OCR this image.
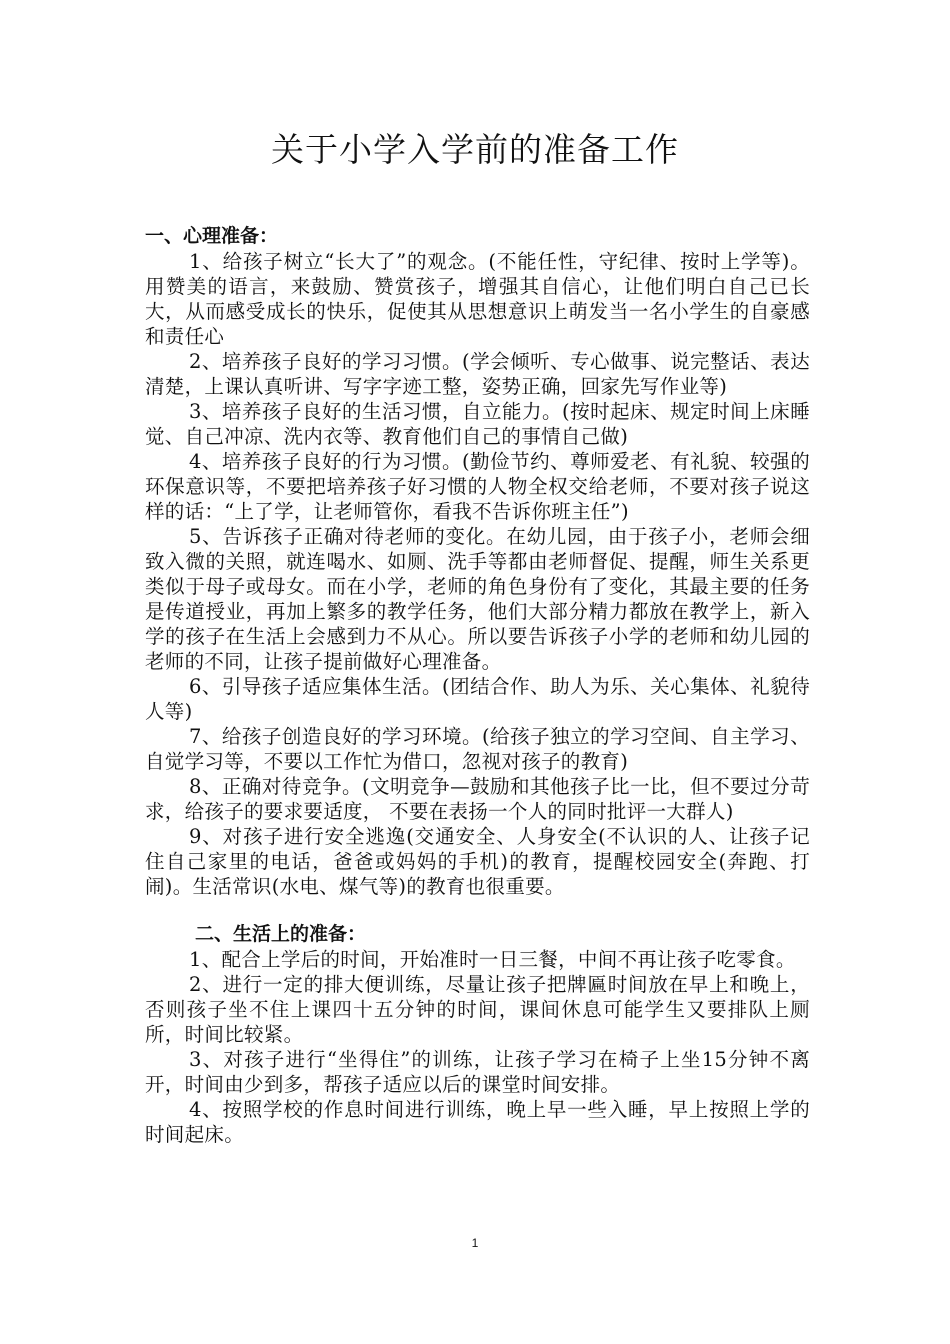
关于小学入学前的准备工作

一、心理准备：

1、给孩子树立“长大了”的观念。(不能任性，守纪律、按时上学等)。用赞美的语言，来鼓励、赞赏孩子，增强其自信心，让他们明白自己已长大，从而感受成长的快乐，促使其从思想意识上萌发当一名小学生的自豪感和责任心

2、培养孩子良好的学习习惯。(学会倾听、专心做事、说完整话、表达清楚，上课认真听讲、写字字迹工整，姿势正确，回家先写作业等)

3、培养孩子良好的生活习惯，自立能力。(按时起床、规定时间上床睡觉、自己冲凉、洗内衣等、教育他们自己的事情自己做)

4、培养孩子良好的行为习惯。(勤俭节约、尊师爱老、有礼貌、较强的环保意识等，不要把培养孩子好习惯的人物全权交给老师，不要对孩子说这样的话：“上了学，让老师管你，看我不告诉你班主任”)

5、告诉孩子正确对待老师的变化。在幼儿园，由于孩子小，老师会细致入微的关照，就连喝水、如厕、洗手等都由老师督促、提醒，师生关系更类似于母子或母女。而在小学，老师的角色身份有了变化，其最主要的任务是传道授业，再加上繁多的教学任务，他们大部分精力都放在教学上，新入学的孩子在生活上会感到力不从心。所以要告诉孩子小学的老师和幼儿园的老师的不同，让孩子提前做好心理准备。

6、引导孩子适应集体生活。(团结合作、助人为乐、关心集体、礼貌待人等)

7、给孩子创造良好的学习环境。(给孩子独立的学习空间、自主学习、自觉学习等，不要以工作忙为借口，忽视对孩子的教育)

8、正确对待竞争。(文明竞争—鼓励和其他孩子比一比，但不要过分苛求，给孩子的要求要适度， 不要在表扬一个人的同时批评一大群人)

9、对孩子进行安全逃逸(交通安全、人身安全(不认识的人、让孩子记住自己家里的电话，爸爸或妈妈的手机)的教育，提醒校园安全(奔跑、打闹)。生活常识(水电、煤气等)的教育也很重要。

二、生活上的准备：

1、配合上学后的时间，开始准时一日三餐，中间不再让孩子吃零食。

2、进行一定的排大便训练，尽量让孩子把牌匾时间放在早上和晚上，否则孩子坐不住上课四十五分钟的时间，课间休息可能学生又要排队上厕所，时间比较紧。

3、对孩子进行“坐得住”的训练，让孩子学习在椅子上坐15分钟不离开，时间由少到多，帮孩子适应以后的课堂时间安排。

4、按照学校的作息时间进行训练，晚上早一些入睡，早上按照上学的时间起床。

1
